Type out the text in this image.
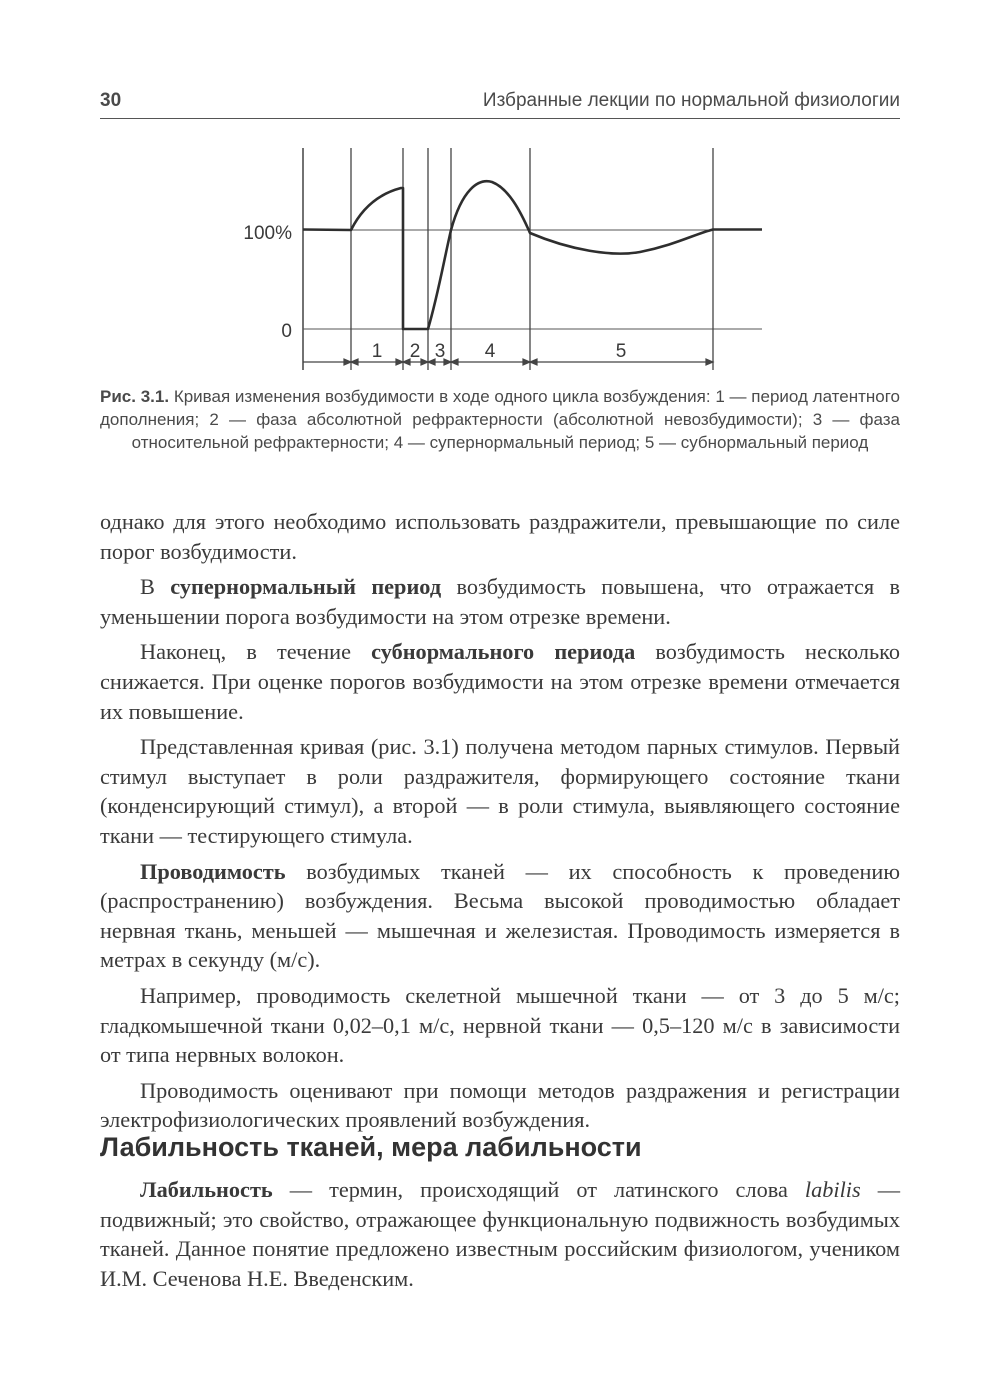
30	Избранные лекции по нормальной физиологии
100%
0
1 2 3 4	5
Рис. 3.1. Кривая изменения возбудимости в ходе одного цикла возбуждения: 1 — период латентного дополнения; 2 — фаза абсолютной рефрактерности (абсолютной невозбудимости); 3 — фаза относительной рефрактерности; 4 — супернормальный период; 5 — субнормальный период

однако для этого необходимо использовать раздражители, превышающие по силе порог возбудимости.

В супернормальный период возбудимость повышена, что отражается в уменьшении порога возбудимости на этом отрезке времени.

Наконец, в течение субнормального периода возбудимость несколько снижается. При оценке порогов возбудимости на этом отрезке времени отмечается их повышение.

Представленная кривая (рис. 3.1) получена методом парных стимулов. Первый стимул выступает в роли раздражителя, формирующего состояние ткани (конденсирующий стимул), а второй — в роли стимула, выявляющего состояние ткани — тестирующего стимула.

Проводимость возбудимых тканей — их способность к проведению (распространению) возбуждения. Весьма высокой проводимостью обладает нервная ткань, меньшей — мышечная и железистая. Проводимость измеряется в метрах в секунду (м/с).

Например, проводимость скелетной мышечной ткани — от 3 до 5 м/с; гладкомышечной ткани 0,02–0,1 м/с, нервной ткани — 0,5–120 м/с в зависимости от типа нервных волокон.

Проводимость оценивают при помощи методов раздражения и регистрации электрофизиологических проявлений возбуждения.

Лабильность тканей, мера лабильности

Лабильность — термин, происходящий от латинского слова labilis — подвижный; это свойство, отражающее функциональную подвижность возбудимых тканей. Данное понятие предложено известным российским физиологом, учеником И.М. Сеченова Н.Е. Введенским.
